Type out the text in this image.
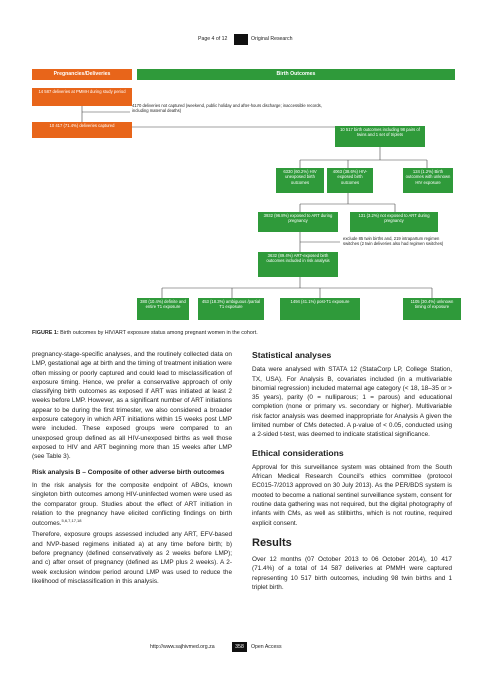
Page 4 of 12	Original Research
Pregnancies/Deliveries	Birth Outcomes
14 587 deliveries at PMMH during study period
4170 deliveries not captured (weekend, public holiday and after-hours discharge; inaccessible records, including maternal deaths)
10 417 (71.4%) deliveries captured
10 517 birth outcomes including 98 pairs of twins and 1 set of triplets
6330 (60.2%) HIV unexposed birth outcomes
4063 (38.6%) HIV-exposed birth outcomes
124 (1.2%) Birth outcomes with unknown HIV exposure
3932 (96.8%) exposed to ART during pregnancy
131 (3.2%) not exposed to ART during pregnancy
exclude 85 twin births and, 219 intrapartum regimen switches (2 twin deliveries also had regimen switches)
3632 (89.4%) ART-exposed birth outcomes included in risk analysis
380 (10.4%) definite and entire T1 exposure
453 (18.3%) ambiguous /partial T1 exposure
1494 (41.1%) post-T1 exposure	1105 (30.4%) unknown timing of exposure
FIGURE 1: Birth outcomes by HIV/ART exposure status among pregnant women in the cohort.

pregnancy-stage-specific analyses, and the routinely collected data on LMP, gestational age at birth and the timing of treatment initiation were often missing or poorly captured and could lead to misclassification of exposure timing. Hence, we prefer a conservative approach of only classifying birth outcomes as exposed if ART was initiated at least 2 weeks before LMP. However, as a significant number of ART initiations appear to be during the first trimester, we also considered a broader exposure category in which ART initiations within 15 weeks post LMP were included. These exposed groups were compared to an unexposed group defined as all HIV-unexposed births as well those exposed to HIV and ART beginning more than 15 weeks after LMP (see Table 3).

Risk analysis B – Composite of other adverse birth outcomes

In the risk analysis for the composite endpoint of ABOs, known singleton birth outcomes among HIV-uninfected women were used as the comparator group. Studies about the effect of ART initiation in relation to the pregnancy have elicited conflicting findings on birth outcomes.$^{5,6,7,17,18}$

Therefore, exposure groups assessed included any ART, EFV-based and NVP-based regimens initiated a) at any time before birth; b) before pregnancy (defined conservatively as 2 weeks before LMP); and c) after onset of pregnancy (defined as LMP plus 2 weeks). A 2-week exclusion window period around LMP was used to reduce the likelihood of misclassification in this analysis.

Statistical analyses

Data were analysed with STATA 12 (StataCorp LP, College Station, TX, USA). For Analysis B, covariates included (in a multivariable binomial regression) included maternal age category (< 18, 18–35 or > 35 years), parity (0 = nulliparous; 1 = parous) and educational completion (none or primary vs. secondary or higher). Multivariable risk factor analysis was deemed inappropriate for Analysis A given the limited number of CMs detected. A p-value of < 0.05, conducted using a 2-sided t-test, was deemed to indicate statistical significance.

Ethical considerations

Approval for this surveillance system was obtained from the South African Medical Research Council's ethics committee (protocol EC015-7/2013 approved on 30 July 2013). As the PER/BDS system is mooted to become a national sentinel surveillance system, consent for routine data gathering was not required, but the digital photography of infants with CMs, as well as stillbirths, which is not routine, required explicit consent.

Results

Over 12 months (07 October 2013 to 06 October 2014), 10 417 (71.4%) of a total of 14 587 deliveries at PMMH were captured representing 10 517 birth outcomes, including 98 twin births and 1 triplet birth.

http://www.sajhivmed.org.za	358	Open Access
